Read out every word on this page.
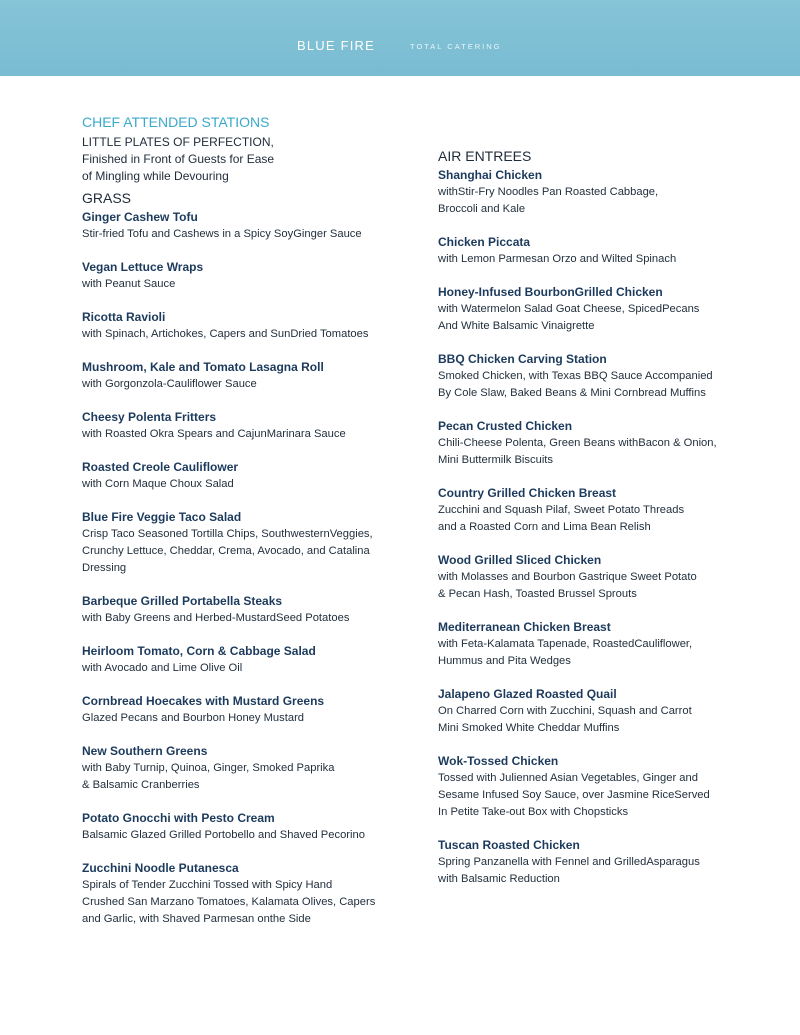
BLUE FIRE	TOTAL CATERING
CHEF ATTENDED STATIONS
LITTLE PLATES OF PERFECTION,
Finished in Front of Guests for Ease
of Mingling while Devouring
GRASS
Ginger Cashew Tofu
Stir-fried Tofu and Cashews in a Spicy SoyGinger Sauce
Vegan Lettuce Wraps
with Peanut Sauce
Ricotta Ravioli
with Spinach, Artichokes, Capers and SunDried Tomatoes
Mushroom, Kale and Tomato Lasagna Roll
with Gorgonzola-Cauliflower Sauce
Cheesy Polenta Fritters
with Roasted Okra Spears and CajunMarinara Sauce
Roasted Creole Cauliflower
with Corn Maque Choux Salad
Blue Fire Veggie Taco Salad
Crisp Taco Seasoned Tortilla Chips, SouthwesternVeggies,
Crunchy Lettuce, Cheddar, Crema, Avocado, and Catalina
Dressing
Barbeque Grilled Portabella Steaks
with Baby Greens and Herbed-MustardSeed Potatoes
Heirloom Tomato, Corn & Cabbage Salad
with Avocado and Lime Olive Oil
Cornbread Hoecakes with Mustard Greens
Glazed Pecans and Bourbon Honey Mustard
New Southern Greens
with Baby Turnip, Quinoa, Ginger, Smoked Paprika
& Balsamic Cranberries
Potato Gnocchi with Pesto Cream
Balsamic Glazed Grilled Portobello and Shaved Pecorino
Zucchini Noodle Putanesca
Spirals of Tender Zucchini Tossed with Spicy Hand
Crushed San Marzano Tomatoes, Kalamata Olives, Capers
and Garlic, with Shaved Parmesan onthe Side
AIR ENTREES
Shanghai Chicken
withStir-Fry Noodles Pan Roasted Cabbage,
Broccoli and Kale
Chicken Piccata
with Lemon Parmesan Orzo and Wilted Spinach
Honey-Infused BourbonGrilled Chicken
with Watermelon Salad Goat Cheese, SpicedPecans
And White Balsamic Vinaigrette
BBQ Chicken Carving Station
Smoked Chicken, with Texas BBQ Sauce Accompanied
By Cole Slaw, Baked Beans & Mini Cornbread Muffins
Pecan Crusted Chicken
Chili-Cheese Polenta, Green Beans withBacon & Onion,
Mini Buttermilk Biscuits
Country Grilled Chicken Breast
Zucchini and Squash Pilaf, Sweet Potato Threads
and a Roasted Corn and Lima Bean Relish
Wood Grilled Sliced Chicken
with Molasses and Bourbon Gastrique Sweet Potato
& Pecan Hash, Toasted Brussel Sprouts
Mediterranean Chicken Breast
with Feta-Kalamata Tapenade, RoastedCauliflower,
Hummus and Pita Wedges
Jalapeno Glazed Roasted Quail
On Charred Corn with Zucchini, Squash and Carrot
Mini Smoked White Cheddar Muffins
Wok-Tossed Chicken
Tossed with Julienned Asian Vegetables, Ginger and
Sesame Infused Soy Sauce, over Jasmine RiceServed
In Petite Take-out Box with Chopsticks
Tuscan Roasted Chicken
Spring Panzanella with Fennel and GrilledAsparagus
with Balsamic Reduction
